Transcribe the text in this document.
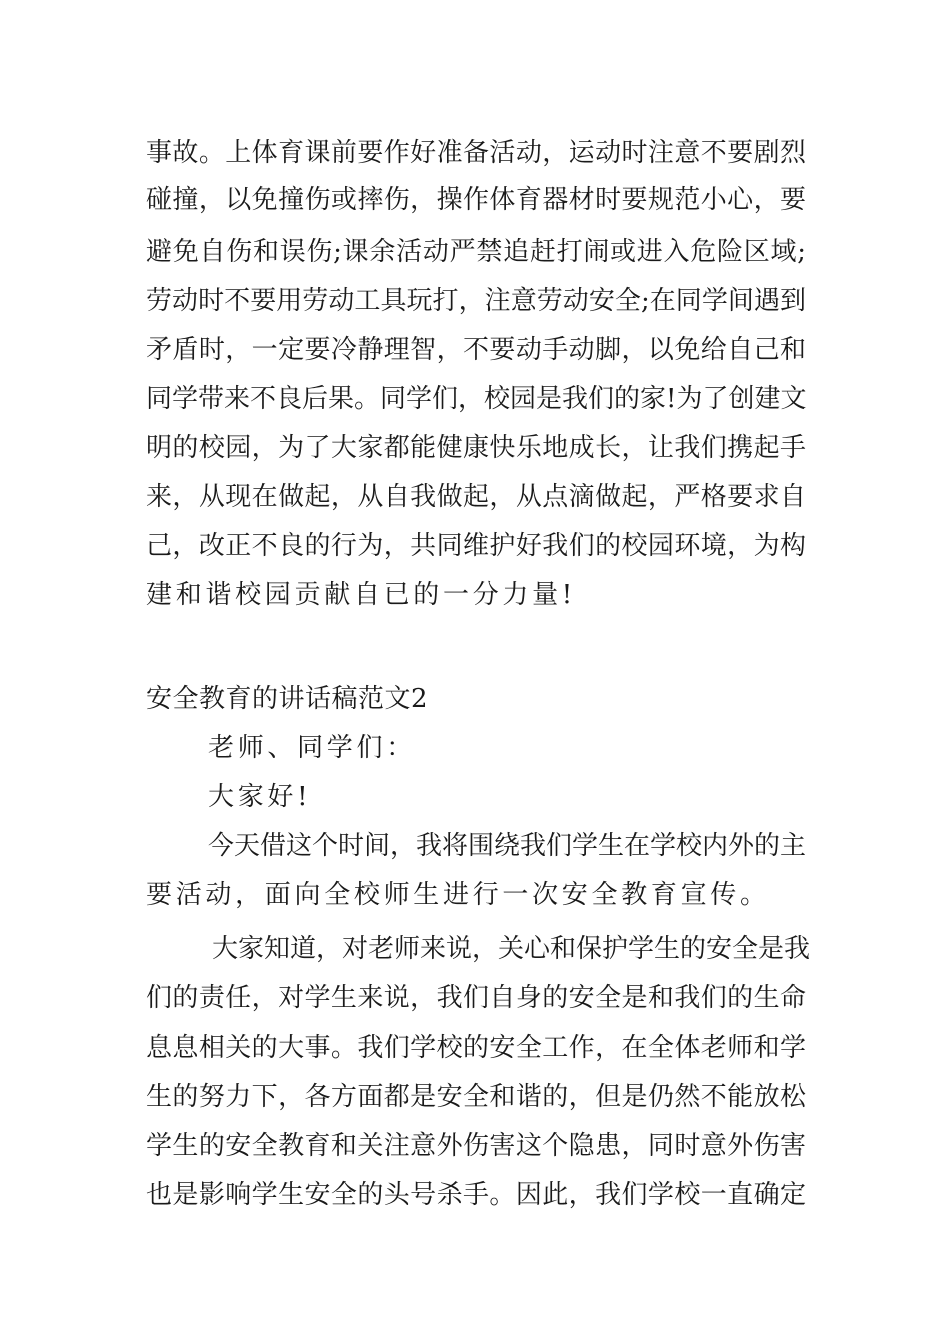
事故。上体育课前要作好准备活动，运动时注意不要剧烈
碰撞，以免撞伤或摔伤，操作体育器材时要规范小心，要
避免自伤和误伤;课余活动严禁追赶打闹或进入危险区域;
劳动时不要用劳动工具玩打，注意劳动安全;在同学间遇到
矛盾时，一定要冷静理智，不要动手动脚，以免给自己和
同学带来不良后果。同学们，校园是我们的家!为了创建文
明的校园，为了大家都能健康快乐地成长，让我们携起手
来，从现在做起，从自我做起，从点滴做起，严格要求自
己，改正不良的行为，共同维护好我们的校园环境，为构
建和谐校园贡献自已的一分力量!
安全教育的讲话稿范文2
老师、同学们：
大家好!
今天借这个时间，我将围绕我们学生在学校内外的主
要活动，面向全校师生进行一次安全教育宣传。
大家知道，对老师来说，关心和保护学生的安全是我
们的责任，对学生来说，我们自身的安全是和我们的生命
息息相关的大事。我们学校的安全工作，在全体老师和学
生的努力下，各方面都是安全和谐的，但是仍然不能放松
学生的安全教育和关注意外伤害这个隐患，同时意外伤害
也是影响学生安全的头号杀手。因此，我们学校一直确定
